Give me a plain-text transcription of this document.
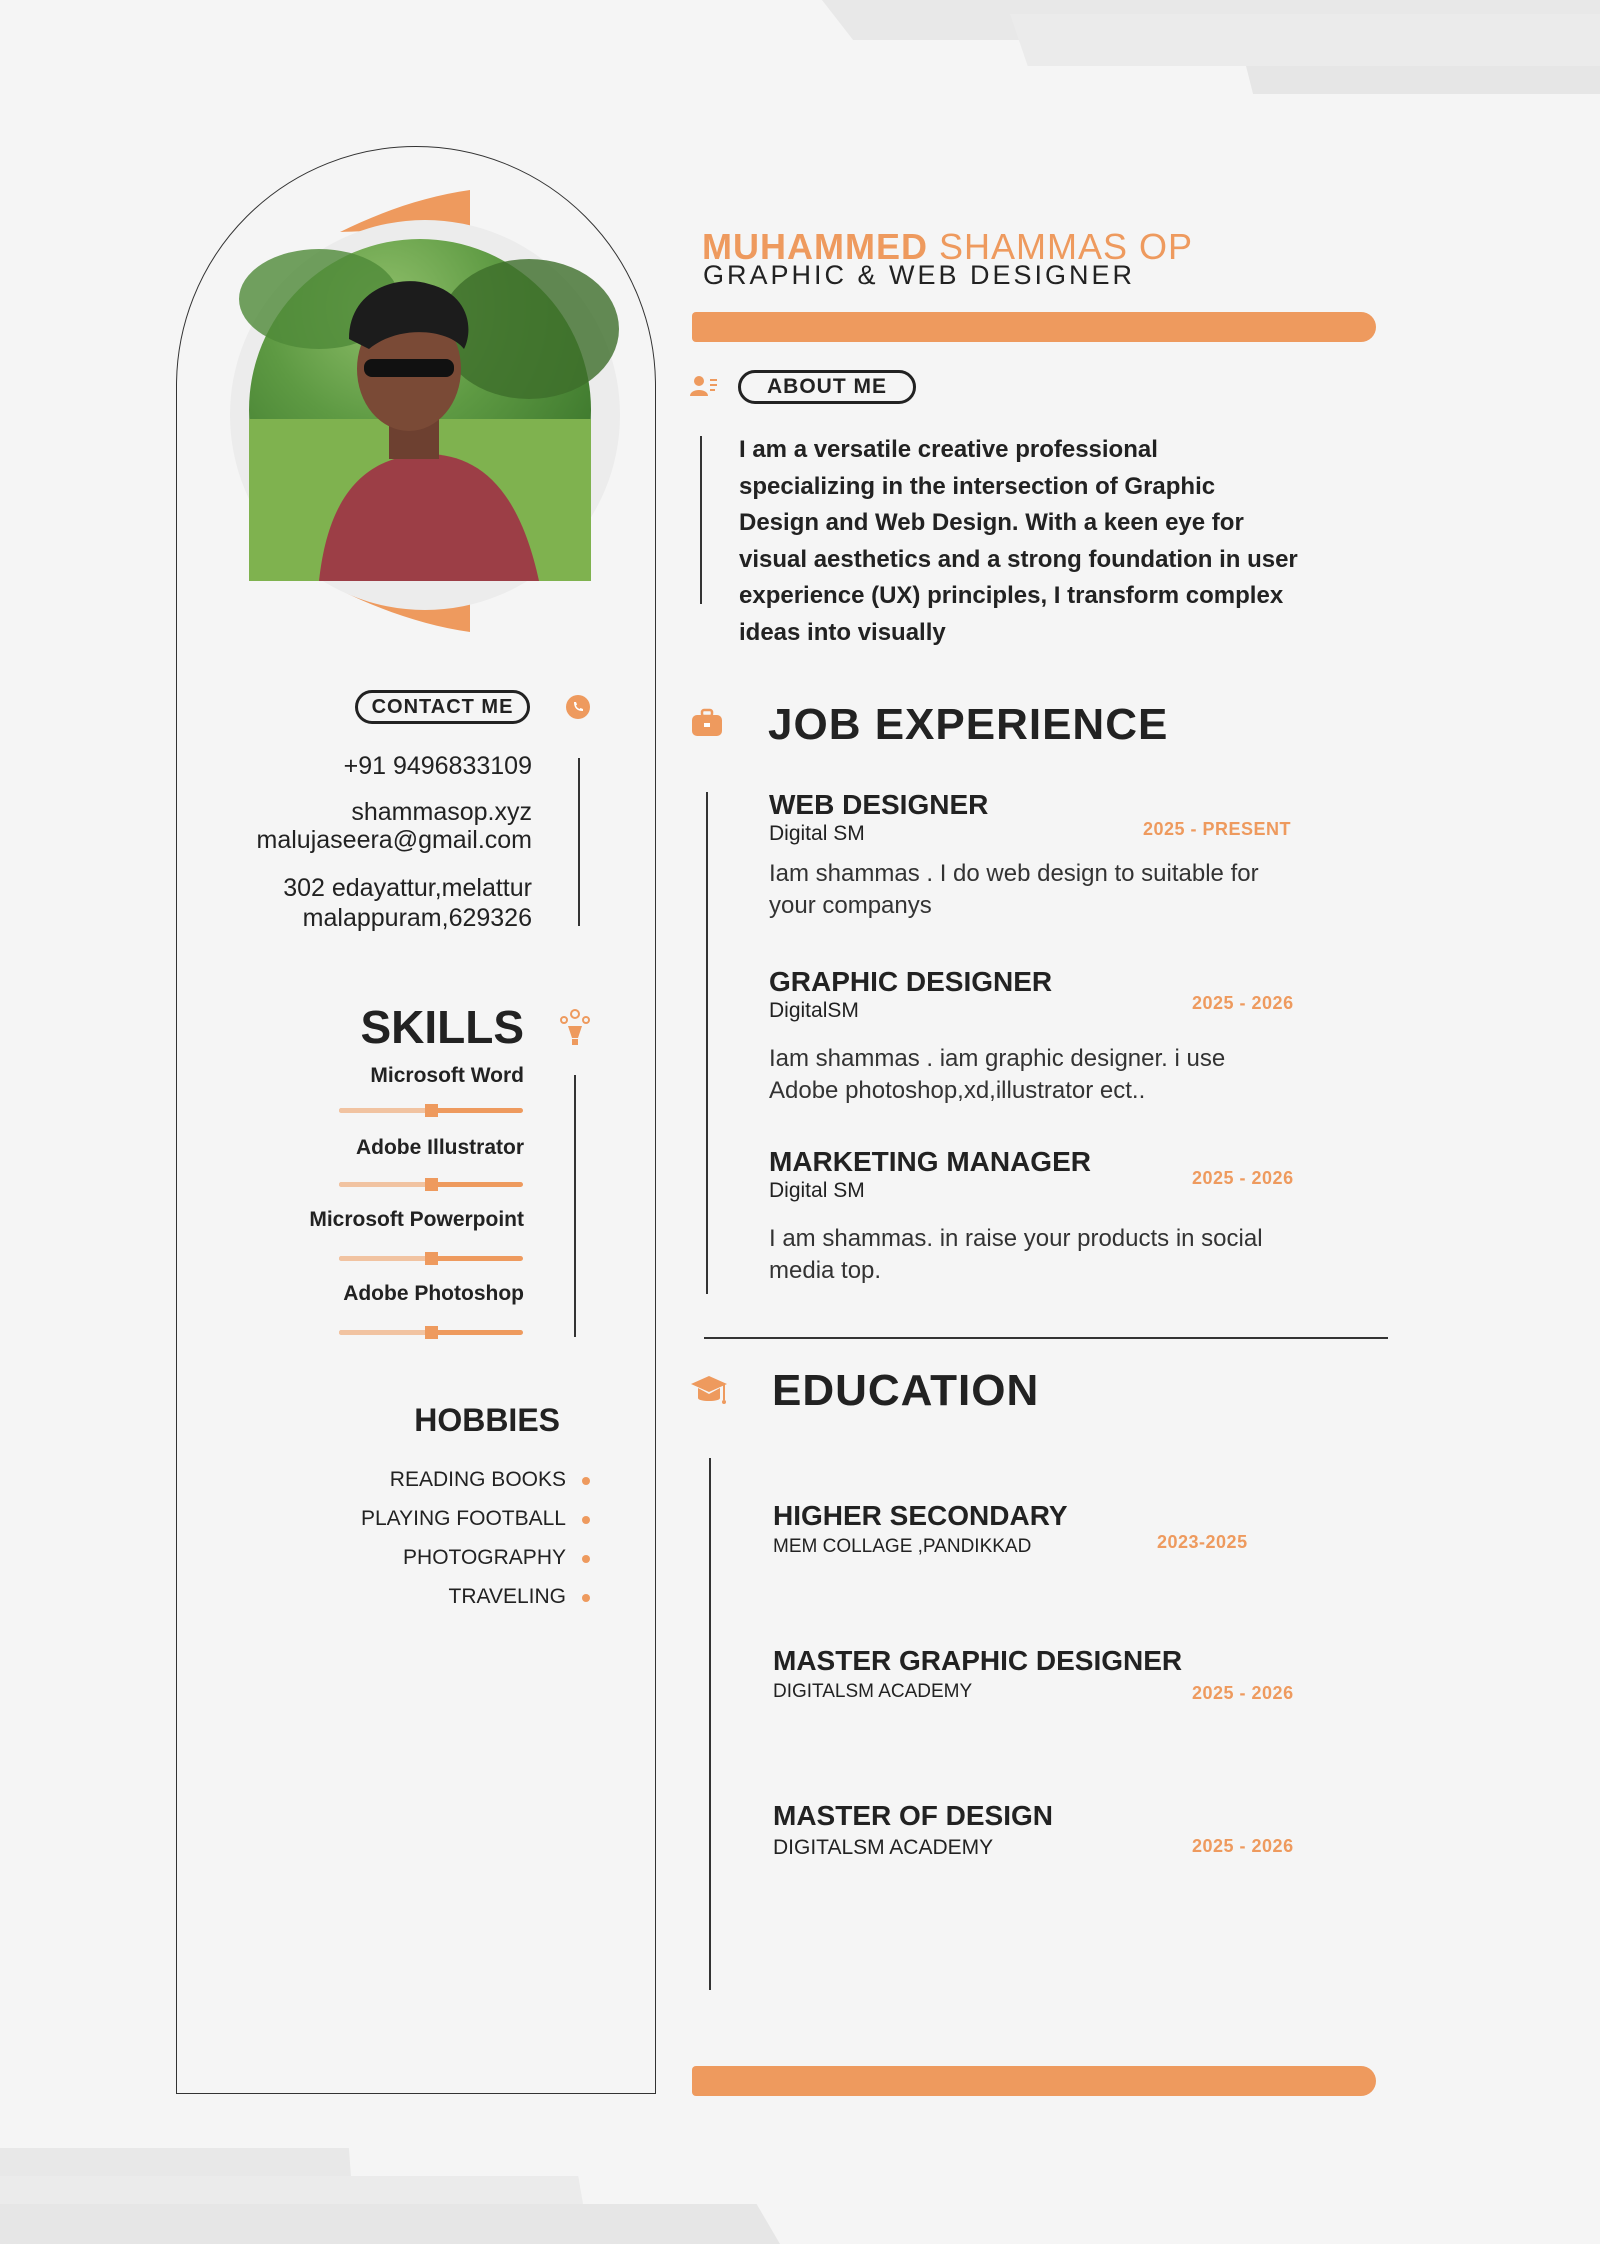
CONTACT ME
+91 9496833109
shammasop.xyz
malujaseera@gmail.com
302 edayattur,melattur
malappuram,629326
SKILLS
Microsoft Word
Adobe Illustrator
Microsoft Powerpoint
Adobe Photoshop
HOBBIES
READING BOOKS
PLAYING FOOTBALL
PHOTOGRAPHY
TRAVELING
MUHAMMED SHAMMAS OP
GRAPHIC & WEB DESIGNER
ABOUT ME
I am a versatile creative professional specializing in the intersection of Graphic Design and Web Design. With a keen eye for visual aesthetics and a strong foundation in user experience (UX) principles, I transform complex ideas into visually
JOB EXPERIENCE
WEB DESIGNER
Digital SM	2025 - PRESENT
Iam shammas . I do web design to suitable for your companys
GRAPHIC DESIGNER
DigitalSM	2025 - 2026
Iam shammas . iam graphic designer. i use Adobe photoshop,xd,illustrator ect..
MARKETING MANAGER
Digital SM
2025 - 2026
I am shammas. in raise your products in social media top.
EDUCATION
HIGHER SECONDARY
MEM COLLAGE ,PANDIKKAD	2023-2025
MASTER GRAPHIC DESIGNER
DIGITALSM ACADEMY	2025 - 2026
MASTER OF DESIGN
DIGITALSM ACADEMY	2025 - 2026
